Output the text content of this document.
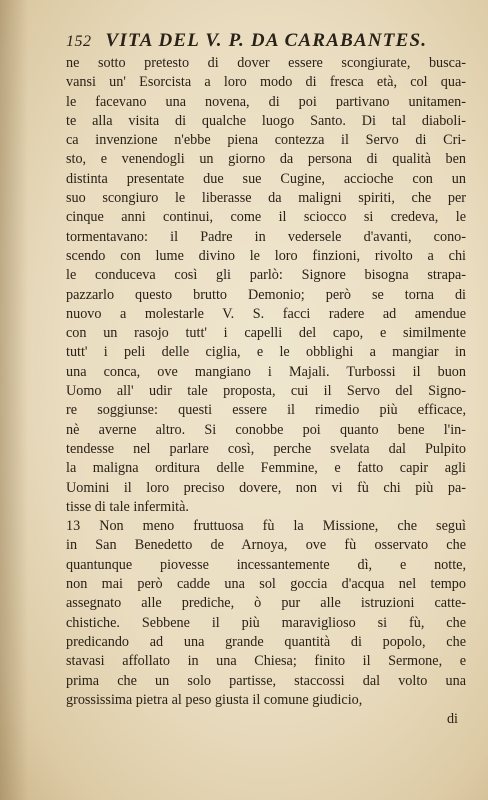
152 VITA DEL V. P. DA CARABANTES.
ne sotto pretesto di dover essere scongiurate, busca-
vansi un' Esorcista a loro modo di fresca età, col qua-
le facevano una novena, di poi partivano unitamen-
te alla visita di qualche luogo Santo. Di tal diaboli-
ca invenzione n'ebbe piena contezza il Servo di Cri-
sto, e venendogli un giorno da persona di qualità ben
distinta presentate due sue Cugine, accioche con un
suo scongiuro le liberasse da maligni spiriti, che per
cinque anni continui, come il sciocco si credeva, le
tormentavano: il Padre in vedersele d'avanti, cono-
scendo con lume divino le loro finzioni, rivolto a chi
le conduceva così gli parlò: Signore bisogna strapa-
pazzarlo questo brutto Demonio; però se torna di
nuovo a molestarle V. S. facci radere ad amendue
con un rasojo tutt' i capelli del capo, e similmente
tutt' i peli delle ciglia, e le obblighi a mangiar in
una conca, ove mangiano i Majali. Turbossi il buon
Uomo all' udir tale proposta, cui il Servo del Signo-
re soggiunse: questi essere il rimedio più efficace,
nè averne altro. Si conobbe poi quanto bene l'in-
tendesse nel parlare così, perche svelata dal Pulpito
la maligna orditura delle Femmine, e fatto capir agli
Uomini il loro preciso dovere, non vi fù chi più pa-
tisse di tale infermità.
13 Non meno fruttuosa fù la Missione, che seguì
in San Benedetto de Arnoya, ove fù osservato che
quantunque piovesse incessantemente dì, e notte,
non mai però cadde una sol goccia d'acqua nel tempo
assegnato alle prediche, ò pur alle istruzioni catte-
chistiche. Sebbene il più maraviglioso si fù, che
predicando ad una grande quantità di popolo, che
stavasi affollato in una Chiesa; finito il Sermone, e
prima che un solo partisse, staccossi dal volto una
grossissima pietra al peso giusta il comune giudicio,
di
